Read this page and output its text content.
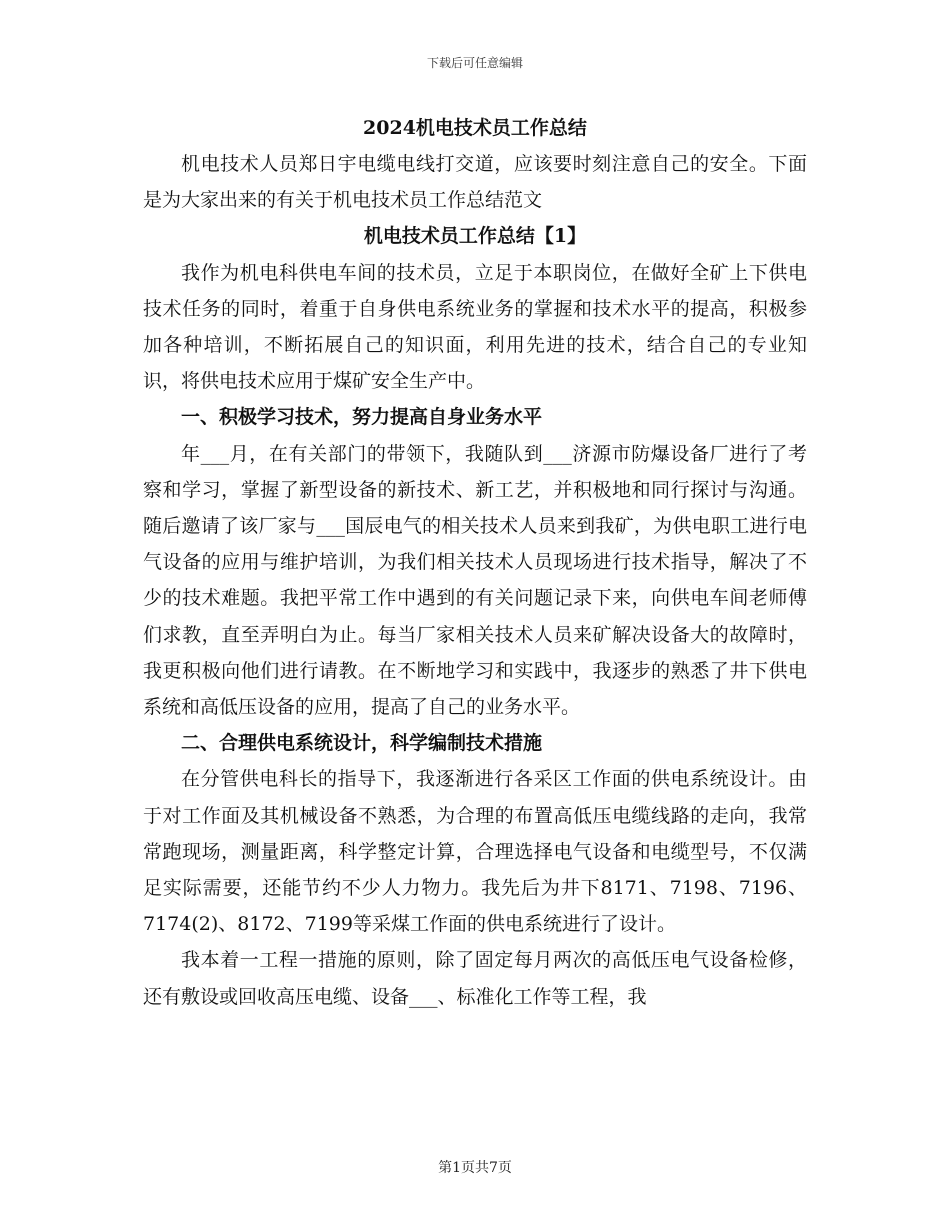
下载后可任意编辑

2024机电技术员工作总结

机电技术人员郑日宇电缆电线打交道，应该要时刻注意自己的安全。下面是为大家出来的有关于机电技术员工作总结范文

机电技术员工作总结【1】

我作为机电科供电车间的技术员，立足于本职岗位，在做好全矿上下供电技术任务的同时，着重于自身供电系统业务的掌握和技术水平的提高，积极参加各种培训，不断拓展自己的知识面，利用先进的技术，结合自己的专业知识，将供电技术应用于煤矿安全生产中。

一、积极学习技术，努力提高自身业务水平

年___月，在有关部门的带领下，我随队到___济源市防爆设备厂进行了考察和学习，掌握了新型设备的新技术、新工艺，并积极地和同行探讨与沟通。随后邀请了该厂家与___国辰电气的相关技术人员来到我矿，为供电职工进行电气设备的应用与维护培训，为我们相关技术人员现场进行技术指导，解决了不少的技术难题。我把平常工作中遇到的有关问题记录下来，向供电车间老师傅们求教，直至弄明白为止。每当厂家相关技术人员来矿解决设备大的故障时，我更积极向他们进行请教。在不断地学习和实践中，我逐步的熟悉了井下供电系统和高低压设备的应用，提高了自己的业务水平。

二、合理供电系统设计，科学编制技术措施

在分管供电科长的指导下，我逐渐进行各采区工作面的供电系统设计。由于对工作面及其机械设备不熟悉，为合理的布置高低压电缆线路的走向，我常常跑现场，测量距离，科学整定计算，合理选择电气设备和电缆型号，不仅满足实际需要，还能节约不少人力物力。我先后为井下8171、7198、7196、7174(2)、8172、7199等采煤工作面的供电系统进行了设计。

我本着一工程一措施的原则，除了固定每月两次的高低压电气设备检修，还有敷设或回收高压电缆、设备___、标准化工作等工程，我

第1页共7页
